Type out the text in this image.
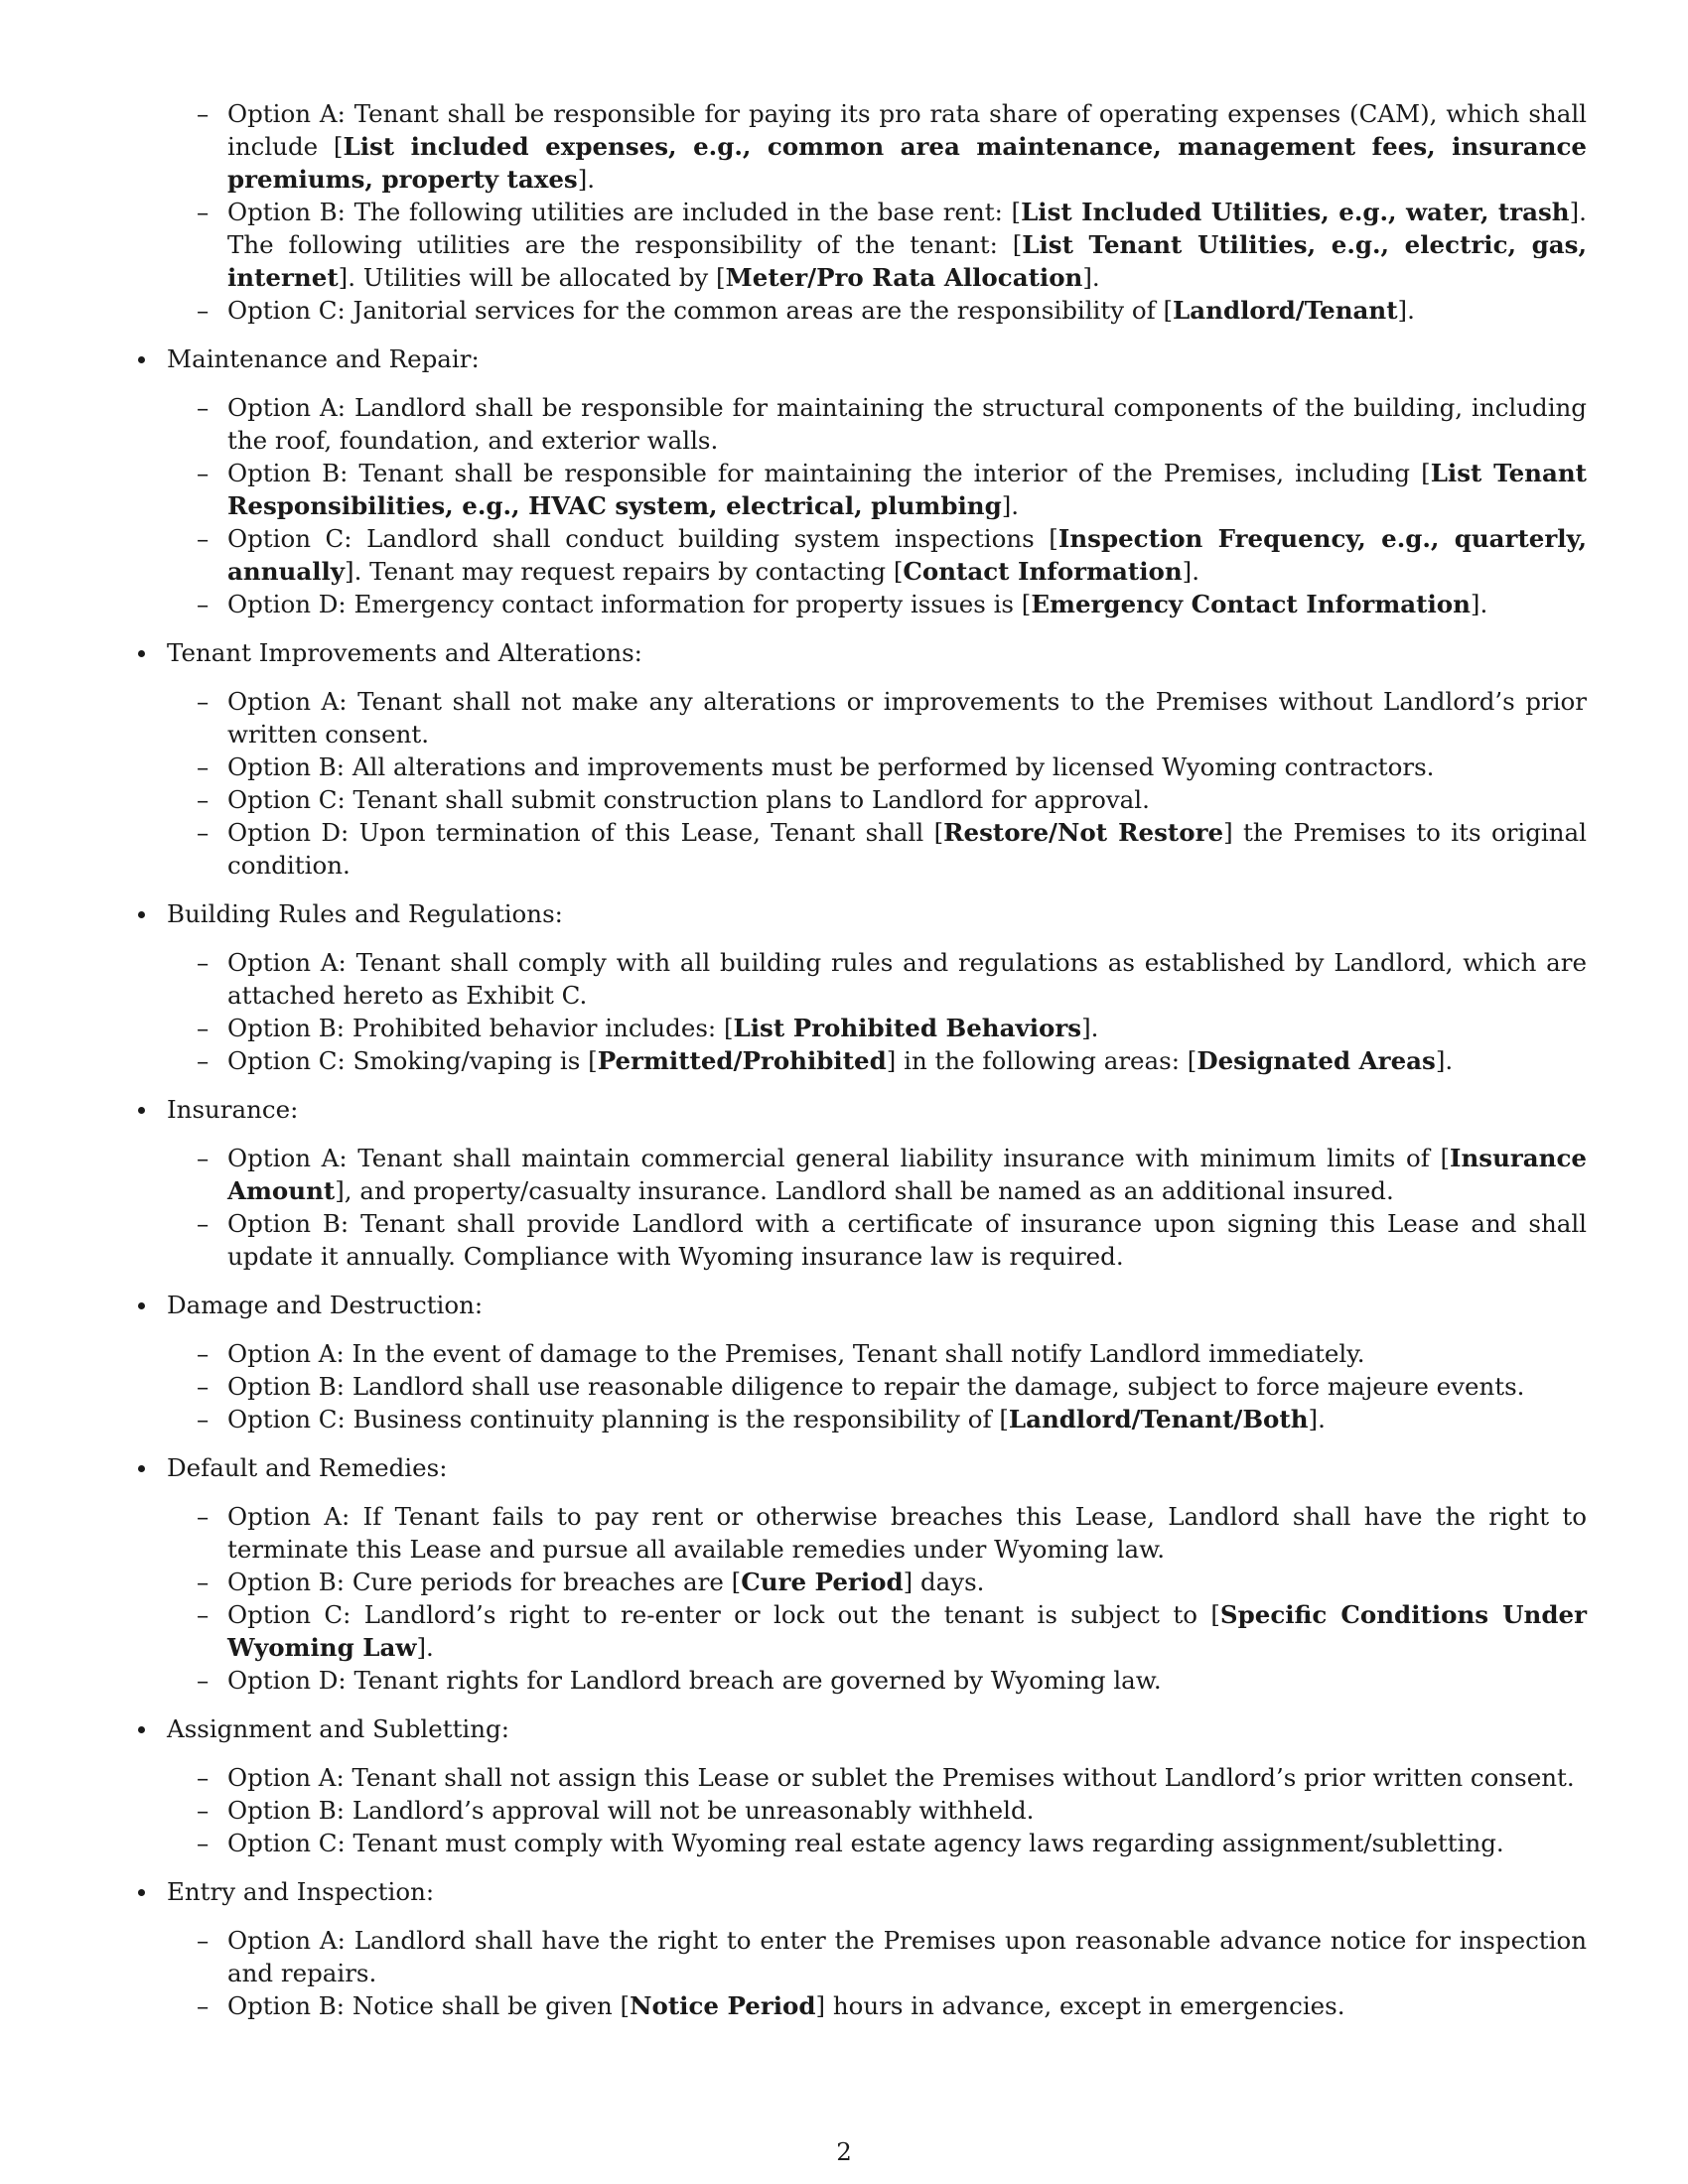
– Option A: Tenant shall be responsible for paying its pro rata share of operating expenses (CAM), which shall include [List included expenses, e.g., common area maintenance, management fees, insurance premiums, property taxes].
– Option B: The following utilities are included in the base rent: [List Included Utilities, e.g., water, trash]. The following utilities are the responsibility of the tenant: [List Tenant Utilities, e.g., electric, gas, internet]. Utilities will be allocated by [Meter/Pro Rata Allocation].
– Option C: Janitorial services for the common areas are the responsibility of [Landlord/Tenant].
Maintenance and Repair:
– Option A: Landlord shall be responsible for maintaining the structural components of the building, including the roof, foundation, and exterior walls.
– Option B: Tenant shall be responsible for maintaining the interior of the Premises, including [List Tenant Responsibilities, e.g., HVAC system, electrical, plumbing].
– Option C: Landlord shall conduct building system inspections [Inspection Frequency, e.g., quarterly, annually]. Tenant may request repairs by contacting [Contact Information].
– Option D: Emergency contact information for property issues is [Emergency Contact Information].
Tenant Improvements and Alterations:
– Option A: Tenant shall not make any alterations or improvements to the Premises without Landlord’s prior written consent.
– Option B: All alterations and improvements must be performed by licensed Wyoming contractors.
– Option C: Tenant shall submit construction plans to Landlord for approval.
– Option D: Upon termination of this Lease, Tenant shall [Restore/Not Restore] the Premises to its original condition.
Building Rules and Regulations:
– Option A: Tenant shall comply with all building rules and regulations as established by Landlord, which are attached hereto as Exhibit C.
– Option B: Prohibited behavior includes: [List Prohibited Behaviors].
– Option C: Smoking/vaping is [Permitted/Prohibited] in the following areas: [Designated Areas].
Insurance:
– Option A: Tenant shall maintain commercial general liability insurance with minimum limits of [Insurance Amount], and property/casualty insurance. Landlord shall be named as an additional insured.
– Option B: Tenant shall provide Landlord with a certificate of insurance upon signing this Lease and shall update it annually. Compliance with Wyoming insurance law is required.
Damage and Destruction:
– Option A: In the event of damage to the Premises, Tenant shall notify Landlord immediately.
– Option B: Landlord shall use reasonable diligence to repair the damage, subject to force majeure events.
– Option C: Business continuity planning is the responsibility of [Landlord/Tenant/Both].
Default and Remedies:
– Option A: If Tenant fails to pay rent or otherwise breaches this Lease, Landlord shall have the right to terminate this Lease and pursue all available remedies under Wyoming law.
– Option B: Cure periods for breaches are [Cure Period] days.
– Option C: Landlord’s right to re-enter or lock out the tenant is subject to [Specific Conditions Under Wyoming Law].
– Option D: Tenant rights for Landlord breach are governed by Wyoming law.
Assignment and Subletting:
– Option A: Tenant shall not assign this Lease or sublet the Premises without Landlord’s prior written consent.
– Option B: Landlord’s approval will not be unreasonably withheld.
– Option C: Tenant must comply with Wyoming real estate agency laws regarding assignment/subletting.
Entry and Inspection:
– Option A: Landlord shall have the right to enter the Premises upon reasonable advance notice for inspection and repairs.
– Option B: Notice shall be given [Notice Period] hours in advance, except in emergencies.
2
